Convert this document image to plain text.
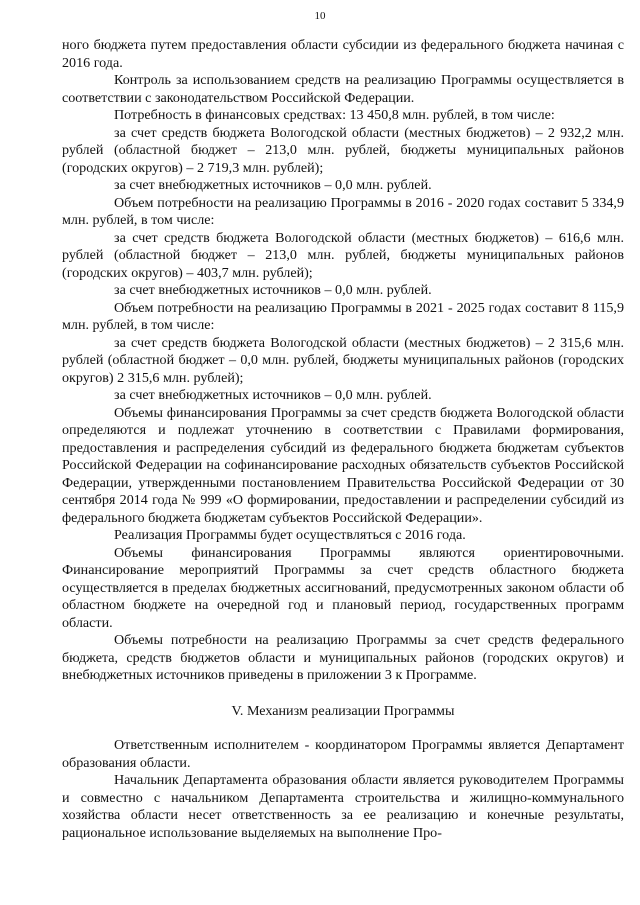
10

ного бюджета путем предоставления области субсидии из федерального бюджета начиная с 2016 года.

Контроль за использованием средств на реализацию Программы осуществляется в соответствии с законодательством Российской Федерации.

Потребность в финансовых средствах: 13 450,8 млн. рублей, в том числе:

за счет средств бюджета Вологодской области (местных бюджетов) – 2 932,2 млн. рублей (областной бюджет – 213,0 млн. рублей, бюджеты муниципальных районов (городских округов) – 2 719,3 млн. рублей);

за счет внебюджетных источников – 0,0 млн. рублей.

Объем потребности на реализацию Программы в 2016 - 2020 годах составит 5 334,9 млн. рублей, в том числе:

за счет средств бюджета Вологодской области (местных бюджетов) – 616,6 млн. рублей (областной бюджет – 213,0 млн. рублей, бюджеты муниципальных районов (городских округов) – 403,7 млн. рублей);

за счет внебюджетных источников – 0,0 млн. рублей.

Объем потребности на реализацию Программы в 2021 - 2025 годах составит 8 115,9 млн. рублей, в том числе:

за счет средств бюджета Вологодской области (местных бюджетов) – 2 315,6 млн. рублей (областной бюджет – 0,0 млн. рублей, бюджеты муниципальных районов (городских округов) 2 315,6 млн. рублей);

за счет внебюджетных источников – 0,0 млн. рублей.

Объемы финансирования Программы за счет средств бюджета Вологодской области определяются и подлежат уточнению в соответствии с Правилами формирования, предоставления и распределения субсидий из федерального бюджета бюджетам субъектов Российской Федерации на софинансирование расходных обязательств субъектов Российской Федерации, утвержденными постановлением Правительства Российской Федерации от 30 сентября 2014 года № 999 «О формировании, предоставлении и распределении субсидий из федерального бюджета бюджетам субъектов Российской Федерации».

Реализация Программы будет осуществляться с 2016 года.

Объемы финансирования Программы являются ориентировочными. Финансирование мероприятий Программы за счет средств областного бюджета осуществляется в пределах бюджетных ассигнований, предусмотренных законом области об областном бюджете на очередной год и плановый период, государственных программ области.

Объемы потребности на реализацию Программы за счет средств федерального бюджета, средств бюджетов области и муниципальных районов (городских округов) и внебюджетных источников приведены в приложении 3 к Программе.

V. Механизм реализации Программы

Ответственным исполнителем - координатором Программы является Департамент образования области.

Начальник Департамента образования области является руководителем Программы и совместно с начальником Департамента строительства и жилищно-коммунального хозяйства области несет ответственность за ее реализацию и конечные результаты, рациональное использование выделяемых на выполнение Про-
